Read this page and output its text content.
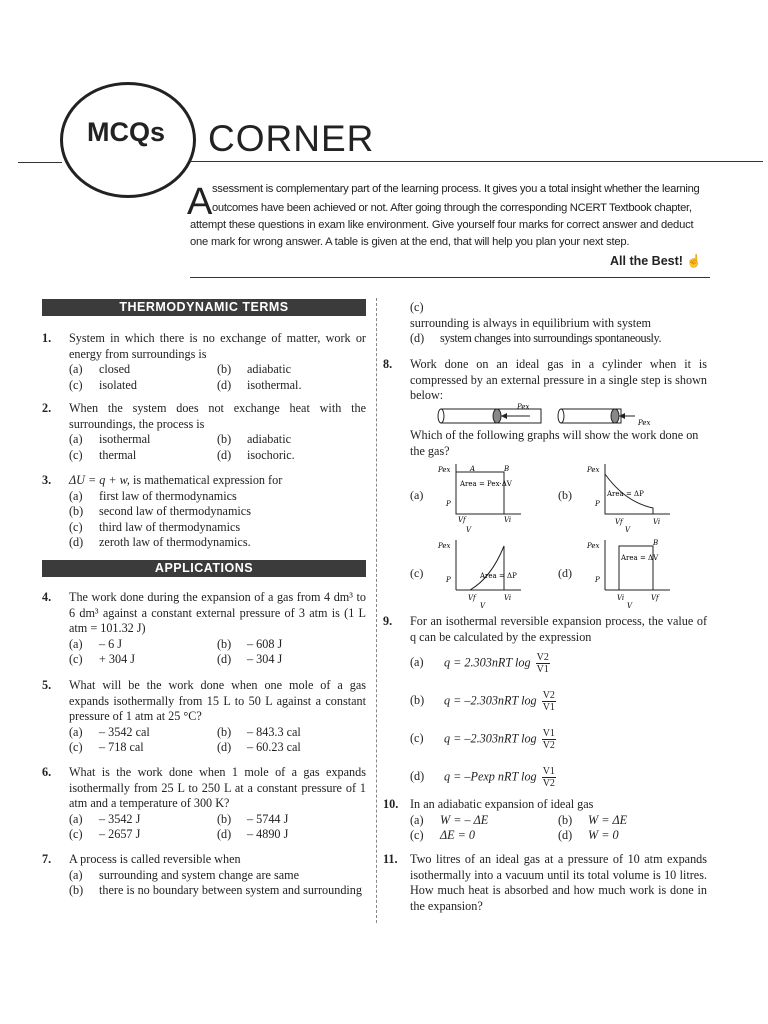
MCQs	CORNER
A ssessment is complementary part of the learning process. It gives you a total insight whether the learning
outcomes have been achieved or not. After going through the corresponding NCERT Textbook chapter,
attempt these questions in exam like environment. Give yourself four marks for correct answer and deduct
one mark for wrong answer. A table is given at the end, that will help you plan your next step.
All the Best! ☝
THERMODYNAMIC TERMS
1. System in which there is no exchange of matter, work or energy from surroundings is
(a) closed	(b) adiabatic
(c) isolated	(d) isothermal.
2. When the system does not exchange heat with the surroundings, the process is
(a) isothermal	(b) adiabatic
(c) thermal	(d) isochoric.
3. ΔU = q + w, is mathematical expression for
(a) first law of thermodynamics
(b) second law of thermodynamics
(c) third law of thermodynamics
(d) zeroth law of thermodynamics.
APPLICATIONS
4. The work done during the expansion of a gas from 4 dm³ to 6 dm³ against a constant external pressure of 3 atm is (1 L atm = 101.32 J)
(a) – 6 J	(b) – 608 J
(c) + 304 J	(d) – 304 J
5. What will be the work done when one mole of a gas expands isothermally from 15 L to 50 L against a constant pressure of 1 atm at 25 °C?
(a) – 3542 cal	(b) – 843.3 cal
(c) – 718 cal	(d) – 60.23 cal
6. What is the work done when 1 mole of a gas expands isothermally from 25 L to 250 L at a constant pressure of 1 atm and a temperature of 300 K?
(a) – 3542 J	(b) – 5744 J
(c) – 2657 J	(d) – 4890 J
7. A process is called reversible when
(a) surrounding and system change are same
(b) there is no boundary between system and surrounding
(c)surrounding is always in equilibrium with system
(d) system changes into surroundings spontaneously.
8. Work done on an ideal gas in a cylinder when it is compressed by an external pressure in a single step is shown below:
Pex
Pex
Which of the following graphs will show the work done on the gas?
(a)
A	B
Pex
P
Area = Pex·ΔV
Vf	Vi
V
(b)
Pex
P
Area = ΔP
Vf	Vi
V
(c)
Pex
P	Area = ΔP
Vf	Vi
V
(d)
Pex
P
Area = ΔV
B
Vi	Vf
V
9. For an isothermal reversible expansion process, the value of q can be calculated by the expression
(a) q = 2.303nRT $\log \frac{V2}{V1}$
(b) q = –2.303nRT $\log \frac{V2}{V1}$
(c) q = –2.303nRT $\log \frac{V1}{V2}$
(d) q = –Pexp nRT $\log \frac{V1}{V2}$
10. In an adiabatic expansion of ideal gas
(a) W = – ΔE	(b) W = ΔE
(c) ΔE = 0	(d) W = 0
11. Two litres of an ideal gas at a pressure of 10 atm expands isothermally into a vacuum until its total volume is 10 litres. How much heat is absorbed and how much work is done in the expansion?
